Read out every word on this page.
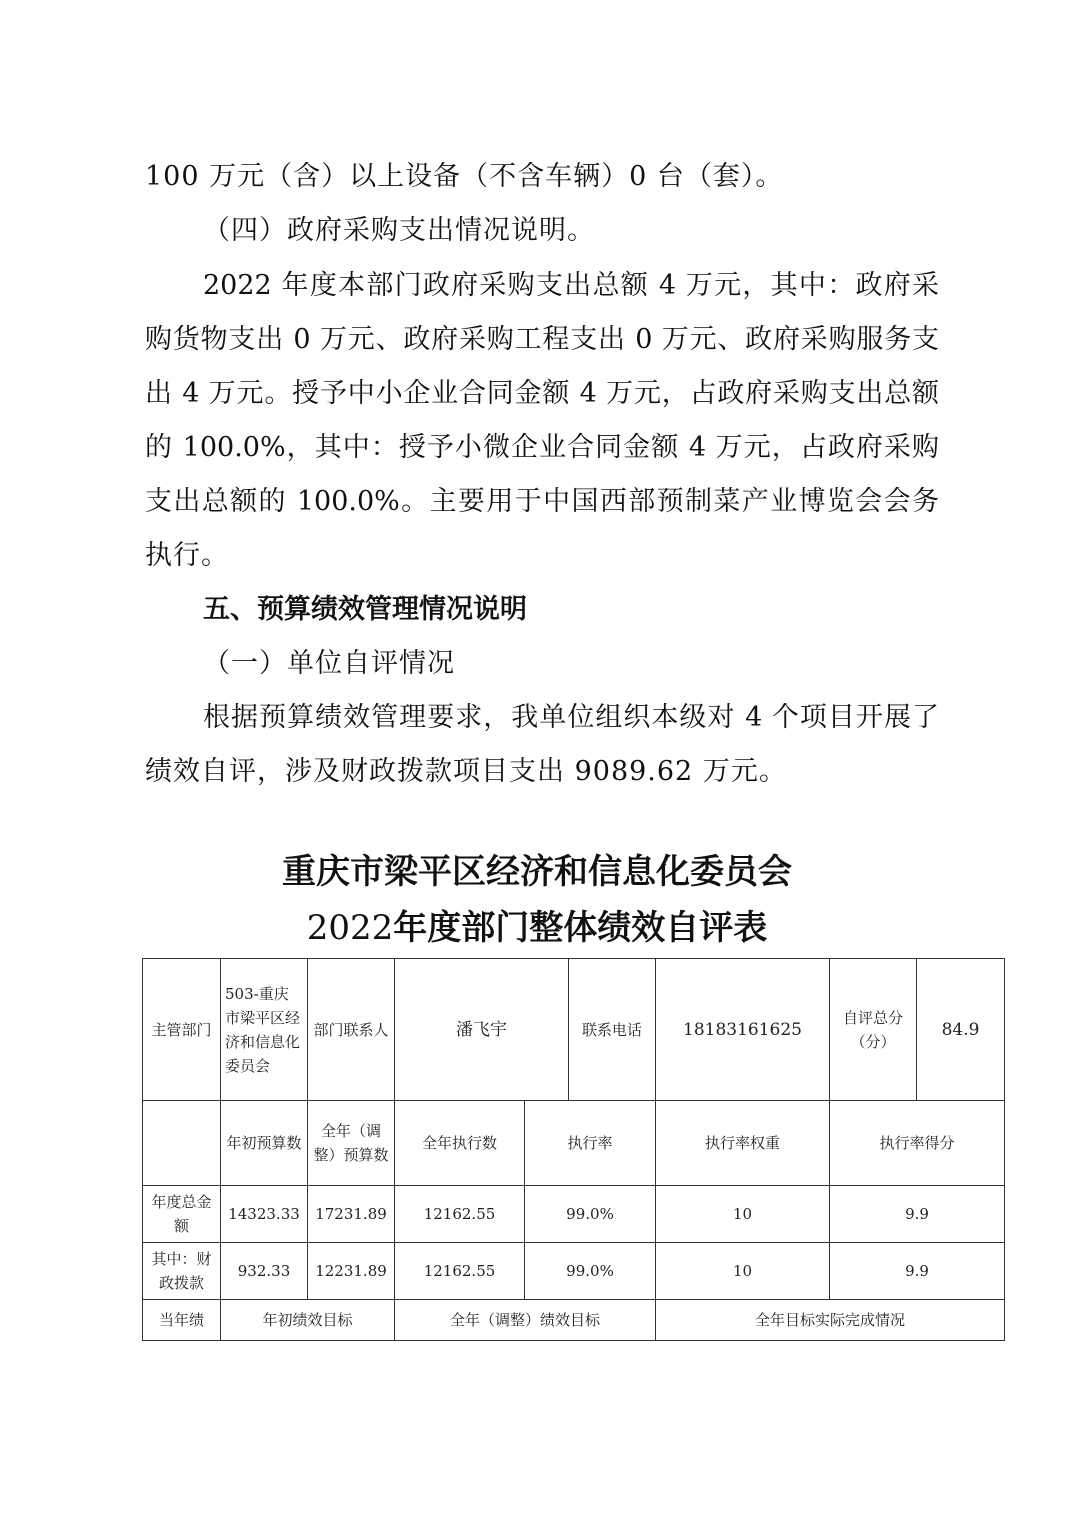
100 万元（含）以上设备（不含车辆）0 台（套）。
（四）政府采购支出情况说明。
2022 年度本部门政府采购支出总额 4 万元，其中：政府采
购货物支出 0 万元、政府采购工程支出 0 万元、政府采购服务支
出 4 万元。授予中小企业合同金额 4 万元，占政府采购支出总额
的 100.0%，其中：授予小微企业合同金额 4 万元，占政府采购
支出总额的 100.0%。主要用于中国西部预制菜产业博览会会务
执行。
五、预算绩效管理情况说明
（一）单位自评情况
根据预算绩效管理要求，我单位组织本级对 4 个项目开展了
绩效自评，涉及财政拨款项目支出 9089.62 万元。
重庆市梁平区经济和信息化委员会
2022年度部门整体绩效自评表
主管部门	503-重庆市梁平区经济和信息化委员会	部门联系人	潘飞宇		联系电话	18183161625	自评总分（分）	84.9
	年初预算数	全年（调整）预算数	全年执行数	执行率		执行率权重	执行率得分	
年度总金额	14323.33	17231.89	12162.55	99.0%		10	9.9	
其中：财政拨款	932.33	12231.89	12162.55	99.0%		10	9.9	
当年绩	年初绩效目标		全年（调整）绩效目标			全年目标实际完成情况		
